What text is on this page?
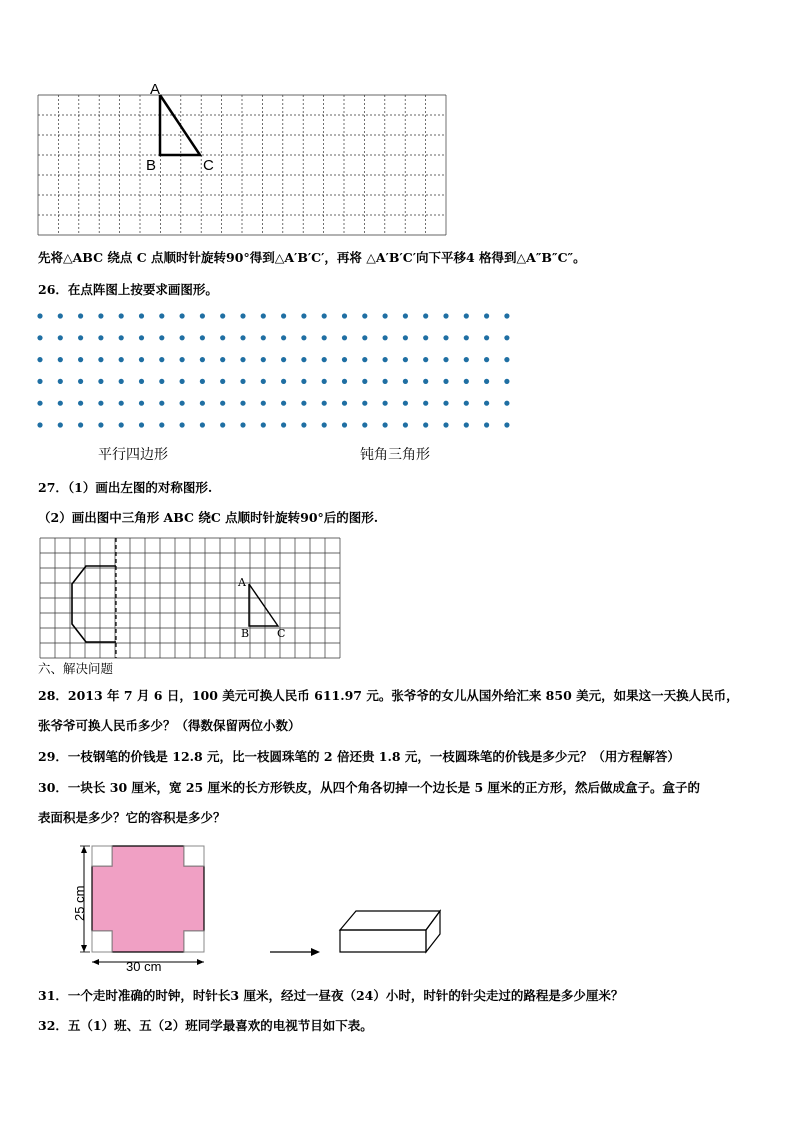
A
B	C
先将△ABC 绕点 C 点顺时针旋转90°得到△A′B′C′，再将 △A′B′C′向下平移4 格得到△A″B″C″。
26．在点阵图上按要求画图形。
平行四边形	钝角三角形
27．（1）画出左图的对称图形.
（2）画出图中三角形 ABC 绕C 点顺时针旋转90°后的图形.
A
B	C
六、解决问题
28．2013 年 7 月 6 日，100 美元可换人民币 611.97 元。张爷爷的女儿从国外给汇来 850 美元，如果这一天换人民币，
张爷爷可换人民币多少？（得数保留两位小数）
29．一枝钢笔的价钱是 12.8 元，比一枝圆珠笔的 2 倍还贵 1.8 元，一枝圆珠笔的价钱是多少元？（用方程解答）
30．一块长 30 厘米，宽 25 厘米的长方形铁皮，从四个角各切掉一个边长是 5 厘米的正方形，然后做成盒子。盒子的
表面积是多少？它的容积是多少？
25 cm
30 cm
31．一个走时准确的时钟，时针长3 厘米，经过一昼夜（24）小时，时针的针尖走过的路程是多少厘米？
32．五（1）班、五（2）班同学最喜欢的电视节目如下表。
